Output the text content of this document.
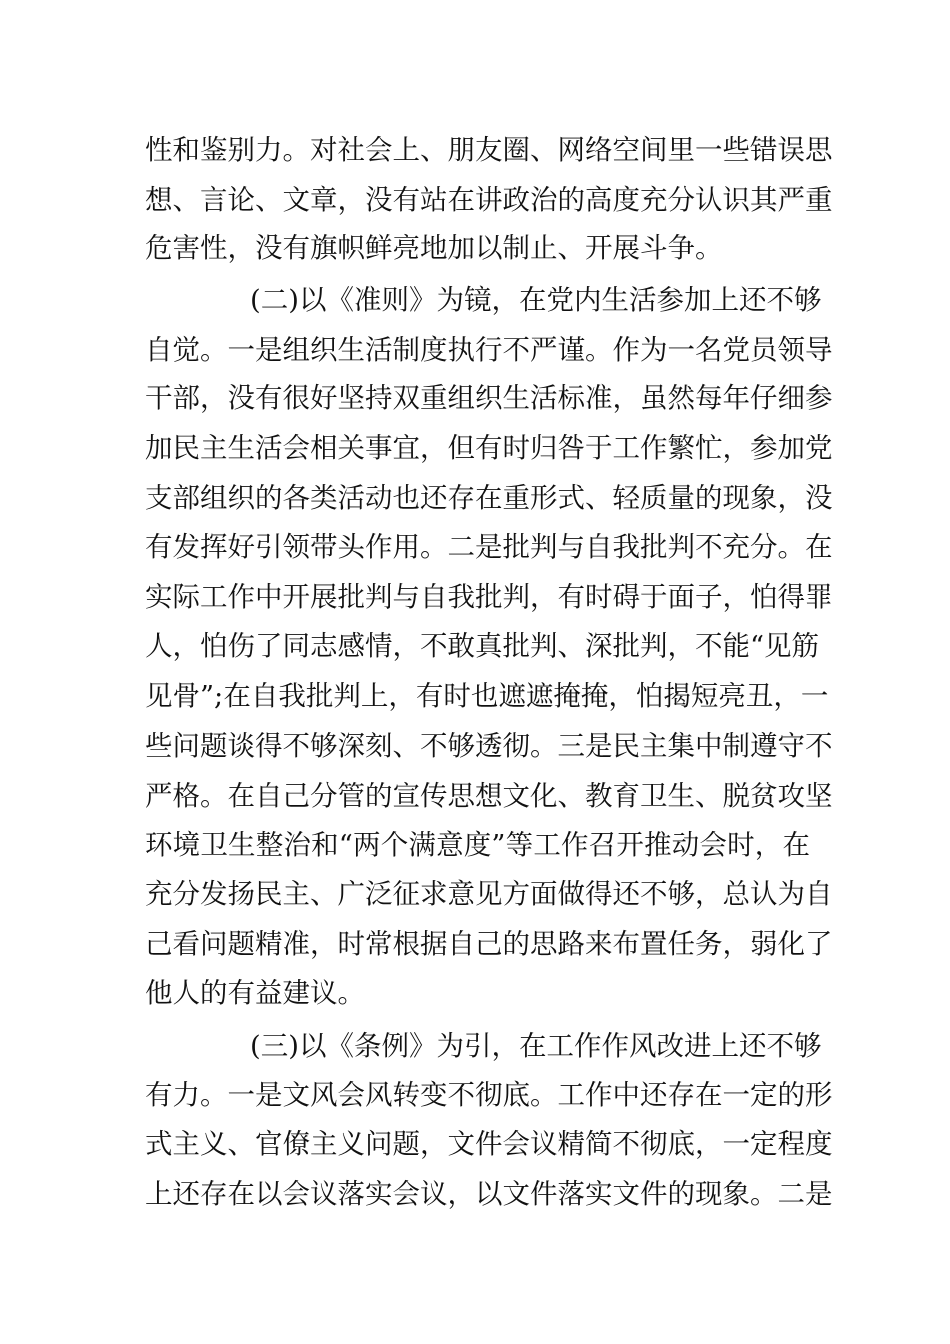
性和鉴别力。对社会上、朋友圈、网络空间里一些错误思
想、言论、文章，没有站在讲政治的高度充分认识其严重
危害性，没有旗帜鲜亮地加以制止、开展斗争。
(二)以《准则》为镜，在党内生活参加上还不够
自觉。一是组织生活制度执行不严谨。作为一名党员领导
干部，没有很好坚持双重组织生活标准，虽然每年仔细参
加民主生活会相关事宜，但有时归咎于工作繁忙，参加党
支部组织的各类活动也还存在重形式、轻质量的现象，没
有发挥好引领带头作用。二是批判与自我批判不充分。在
实际工作中开展批判与自我批判，有时碍于面子，怕得罪
人，怕伤了同志感情，不敢真批判、深批判，不能“见筋
见骨”;在自我批判上，有时也遮遮掩掩，怕揭短亮丑，一
些问题谈得不够深刻、不够透彻。三是民主集中制遵守不
严格。在自己分管的宣传思想文化、教育卫生、脱贫攻坚
环境卫生整治和“两个满意度”等工作召开推动会时，在
充分发扬民主、广泛征求意见方面做得还不够，总认为自
己看问题精准，时常根据自己的思路来布置任务，弱化了
他人的有益建议。
(三)以《条例》为引，在工作作风改进上还不够
有力。一是文风会风转变不彻底。工作中还存在一定的形
式主义、官僚主义问题，文件会议精简不彻底，一定程度
上还存在以会议落实会议，以文件落实文件的现象。二是
